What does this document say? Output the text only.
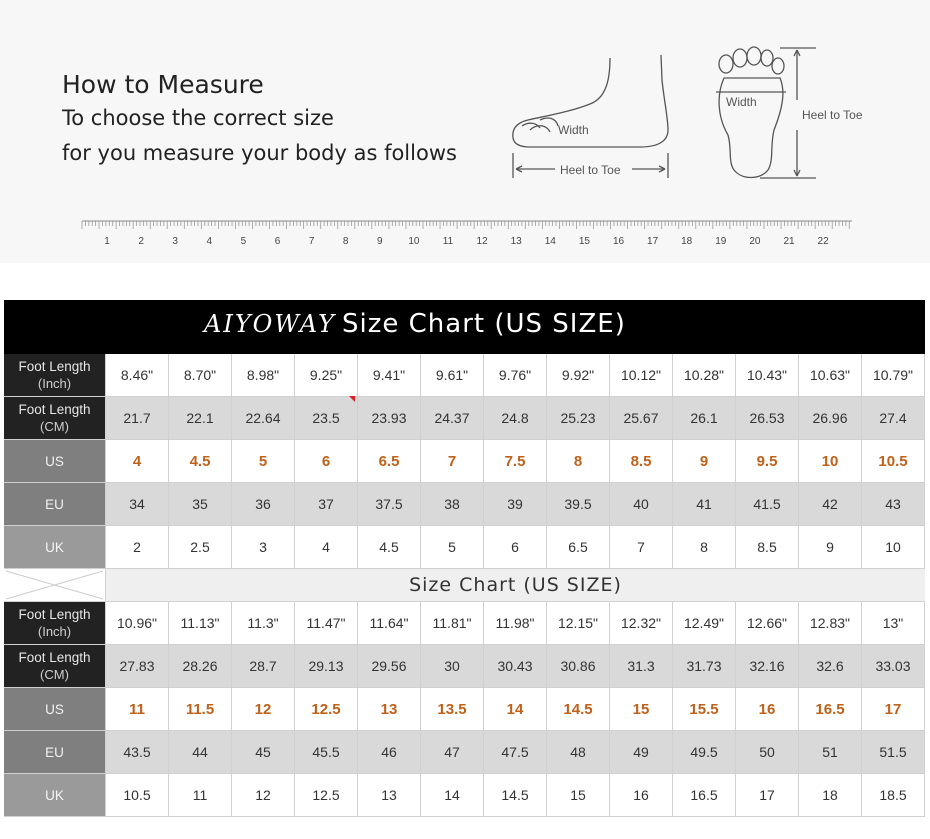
How to Measure
To choose the correct size
for you measure your body as follows
Width
Heel to Toe
Width
Heel to Toe
1	2	3	4	5	6	7	8	9	10 11 12 13 14 15 16 17 18 19 20 21 22
AIYOWAY Size Chart (US SIZE)
Foot Length
(Inch)
8.46"	8.70"	8.98"	9.25"	9.41"	9.61"	9.76"	9.92"	10.12"	10.28"	10.43"	10.63"	10.79"
Foot Length
(CM)
21.7	22.1	22.64	23.5	23.93	24.37	24.8	25.23	25.67	26.1	26.53	26.96	27.4
US	4	4.5	5	6	6.5	7	7.5	8	8.5	9	9.5	10	10.5
EU	34	35	36	37	37.5	38	39	39.5	40	41	41.5	42	43
UK	2	2.5	3	4	4.5	5	6	6.5	7	8	8.5	9	10
Size Chart (US SIZE)
Foot Length
(Inch)
10.96"	11.13"	11.3"	11.47"	11.64"	11.81"	11.98"	12.15"	12.32"	12.49"	12.66"	12.83"	13"
Foot Length
(CM)
27.83	28.26	28.7	29.13	29.56	30	30.43	30.86	31.3	31.73	32.16	32.6	33.03
US	11	11.5	12	12.5	13	13.5	14	14.5	15	15.5	16	16.5	17
EU	43.5	44	45	45.5	46	47	47.5	48	49	49.5	50	51	51.5
UK	10.5	11	12	12.5	13	14	14.5	15	16	16.5	17	18	18.5
